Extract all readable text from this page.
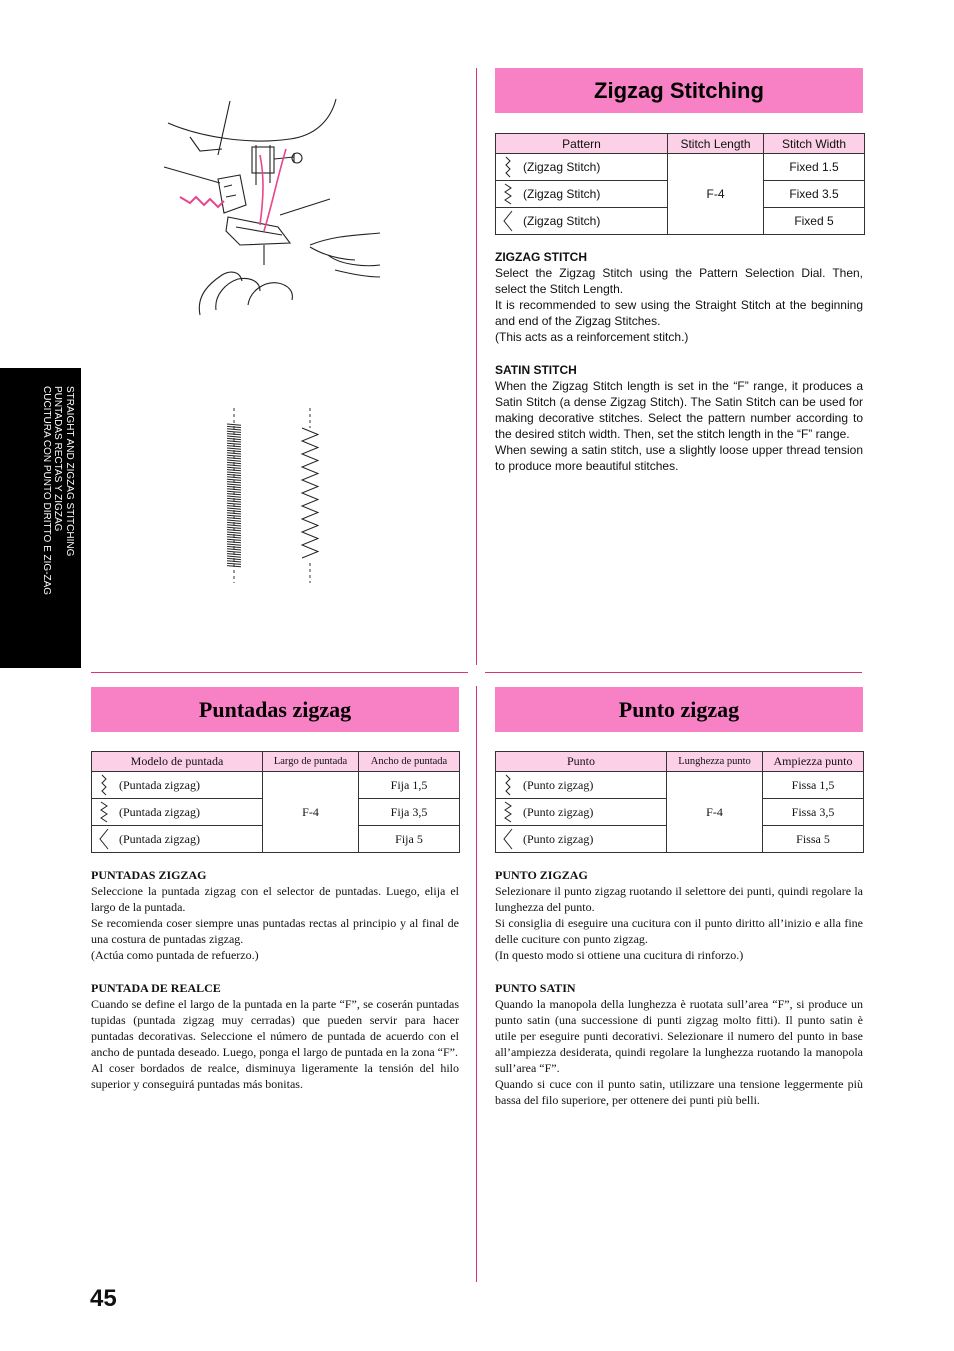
STRAIGHT AND ZIGZAG STITCHING
PUNTADAS RECTAS Y ZIGZAG
CUCITURA CON PUNTO DIRITTO E ZIG-ZAG
Zigzag Stitching
Pattern	Stitch Length	Stitch Width

(Zigzag Stitch)	F-4	Fixed 1.5

(Zigzag Stitch)		Fixed 3.5

(Zigzag Stitch)		Fixed 5
ZIGZAG STITCH

Select the Zigzag Stitch using the Pattern Selection Dial. Then, select the Stitch Length.

It is recommended to sew using the Straight Stitch at the beginning and end of the Zigzag Stitches.

(This acts as a reinforcement stitch.)

SATIN STITCH

When the Zigzag Stitch length is set in the “F” range, it produces a Satin Stitch (a dense Zigzag Stitch). The Satin Stitch can be used for making decorative stitches. Select the pattern number according to the desired stitch width. Then, set the stitch length in the “F” range.

When sewing a satin stitch, use a slightly loose upper thread tension to produce more beautiful stitches.

Puntadas zigzag
Modelo de puntada	Largo de puntada	Ancho de puntada

(Puntada zigzag)	F-4	Fija 1,5

(Puntada zigzag)		Fija 3,5

(Puntada zigzag)		Fija 5
PUNTADAS ZIGZAG

Seleccione la puntada zigzag con el selector de puntadas. Luego, elija el largo de la puntada.

Se recomienda coser siempre unas puntadas rectas al principio y al final de una costura de puntadas zigzag.

(Actúa como puntada de refuerzo.)

PUNTADA DE REALCE

Cuando se define el largo de la puntada en la parte “F”, se coserán puntadas tupidas (puntada zigzag muy cerradas) que pueden servir para hacer puntadas decorativas. Seleccione el número de puntada de acuerdo con el ancho de puntada deseado. Luego, ponga el largo de puntada en la zona “F”.

Al coser bordados de realce, disminuya ligeramente la tensión del hilo superior y conseguirá puntadas más bonitas.

Punto zigzag
Punto	Lunghezza punto	Ampiezza punto

(Punto zigzag)	F-4	Fissa 1,5

(Punto zigzag)		Fissa 3,5

(Punto zigzag)		Fissa 5
PUNTO ZIGZAG

Selezionare il punto zigzag ruotando il selettore dei punti, quindi regolare la lunghezza del punto.

Si consiglia di eseguire una cucitura con il punto diritto all’inizio e alla fine delle cuciture con punto zigzag.

(In questo modo si ottiene una cucitura di rinforzo.)

PUNTO SATIN

Quando la manopola della lunghezza è ruotata sull’area “F”, si produce un punto satin (una successione di punti zigzag molto fitti). Il punto satin è utile per eseguire punti decorativi. Selezionare il numero del punto in base all’ampiezza desiderata, quindi regolare la lunghezza ruotando la manopola sull’area “F”.

Quando si cuce con il punto satin, utilizzare una tensione leggermente più bassa del filo superiore, per ottenere dei punti più belli.

45
